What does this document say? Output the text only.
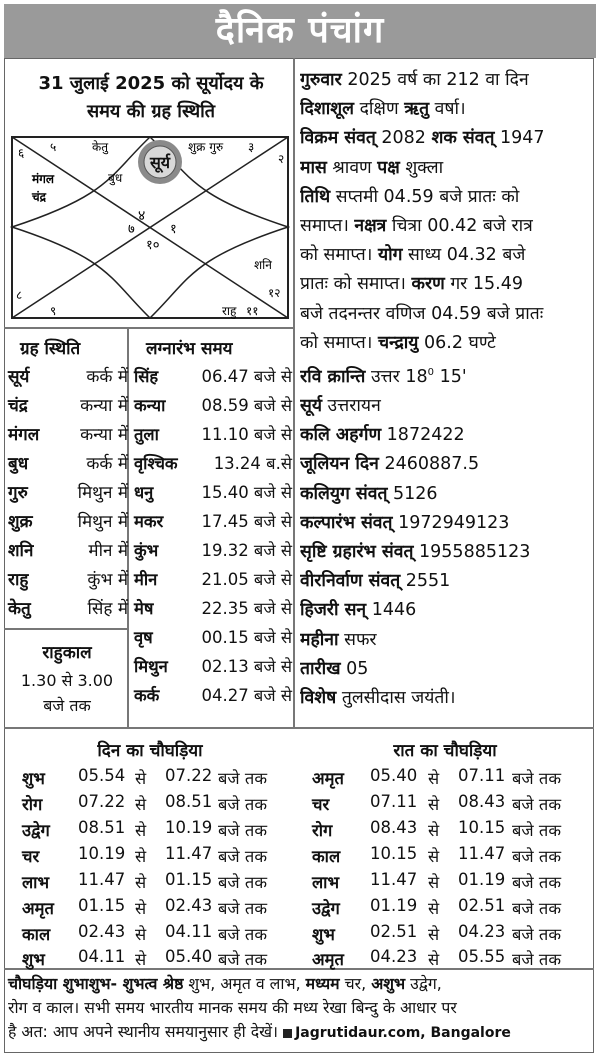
दैनिक पंचांग
31 जुलाई 2025 को सूर्योदय के
समय की ग्रह स्थिति
सूर्य
४
७	१
१०
५
६	३
२
८
९	११
१२
केतु	शुक्र गुरु
मंगल
चंद्र
बुध
शनि
राहु
गुरुवार 2025 वर्ष का 212 वा दिन
दिशाशूल दक्षिण ऋतु वर्षा।
विक्रम संवत् 2082 शक संवत् 1947
मास श्रावण पक्ष शुक्ला
तिथि सप्तमी 04.59 बजे प्रातः को
समाप्त। नक्षत्र चित्रा 00.42 बजे रात्र
को समाप्त। योग साध्य 04.32 बजे
प्रातः को समाप्त। करण गर 15.49
बजे तदनन्तर वणिज 04.59 बजे प्रातः
को समाप्त। चन्द्रायु 06.2 घण्टे
रवि क्रान्ति उत्तर $18^0$ 15'
सूर्य उत्तरायन
कलि अहर्गण 1872422
जूलियन दिन 2460887.5
कलियुग संवत् 5126
कल्पारंभ संवत् 1972949123
सृष्टि ग्रहारंभ संवत् 1955885123
वीरनिर्वाण संवत् 2551
हिजरी सन् 1446
महीना सफर
तारीख 05
विशेष तुलसीदास जयंती।
ग्रह स्थिति	लग्नारंभ समय
सूर्य	कर्क में
चंद्र	कन्या में
मंगल कन्या में
बुध	कर्क में
गुरु	मिथुन में
शुक्र	मिथुन में
शनि	मीन में
राहु	कुंभ में
केतु	सिंह में
सिंह	06.47 बजे से
कन्या 08.59 बजे से
तुला	11.10 बजे से
वृश्चिक 13.24 ब.से
धनु	15.40 बजे से
मकर 17.45 बजे से
कुंभ	19.32 बजे से
मीन	21.05 बजे से
मेष	22.35 बजे से
वृष	00.15 बजे से
मिथुन 02.13 बजे से
कर्क	04.27 बजे से
राहुकाल
1.30 से 3.00
बजे तक
दिन का चौघड़िया	रात का चौघड़िया
शुभ 05.54 से 07.22 बजे तक
रोग 07.22 से 08.51 बजे तक
उद्वेग 08.51 से 10.19 बजे तक
चर 10.19 से 11.47 बजे तक
लाभ 11.47 से 01.15 बजे तक
अमृत 01.15 से 02.43 बजे तक
काल 02.43 से 04.11 बजे तक
शुभ 04.11 से 05.40 बजे तक
अमृत 05.40 से 07.11 बजे तक
चर 07.11 से 08.43 बजे तक
रोग 08.43 से 10.15 बजे तक
काल 10.15 से 11.47 बजे तक
लाभ 11.47 से 01.19 बजे तक
उद्वेग 01.19 से 02.51 बजे तक
शुभ 02.51 से 04.23 बजे तक
अमृत 04.23 से 05.55 बजे तक
चौघड़िया शुभाशुभ- शुभत्व श्रेष्ठ शुभ, अमृत व लाभ, मध्यम चर, अशुभ उद्वेग,
रोग व काल। सभी समय भारतीय मानक समय की मध्य रेखा बिन्दु के आधार पर
है अत: आप अपने स्थानीय समयानुसार ही देखें। Jagrutidaur.com, Bangalore
